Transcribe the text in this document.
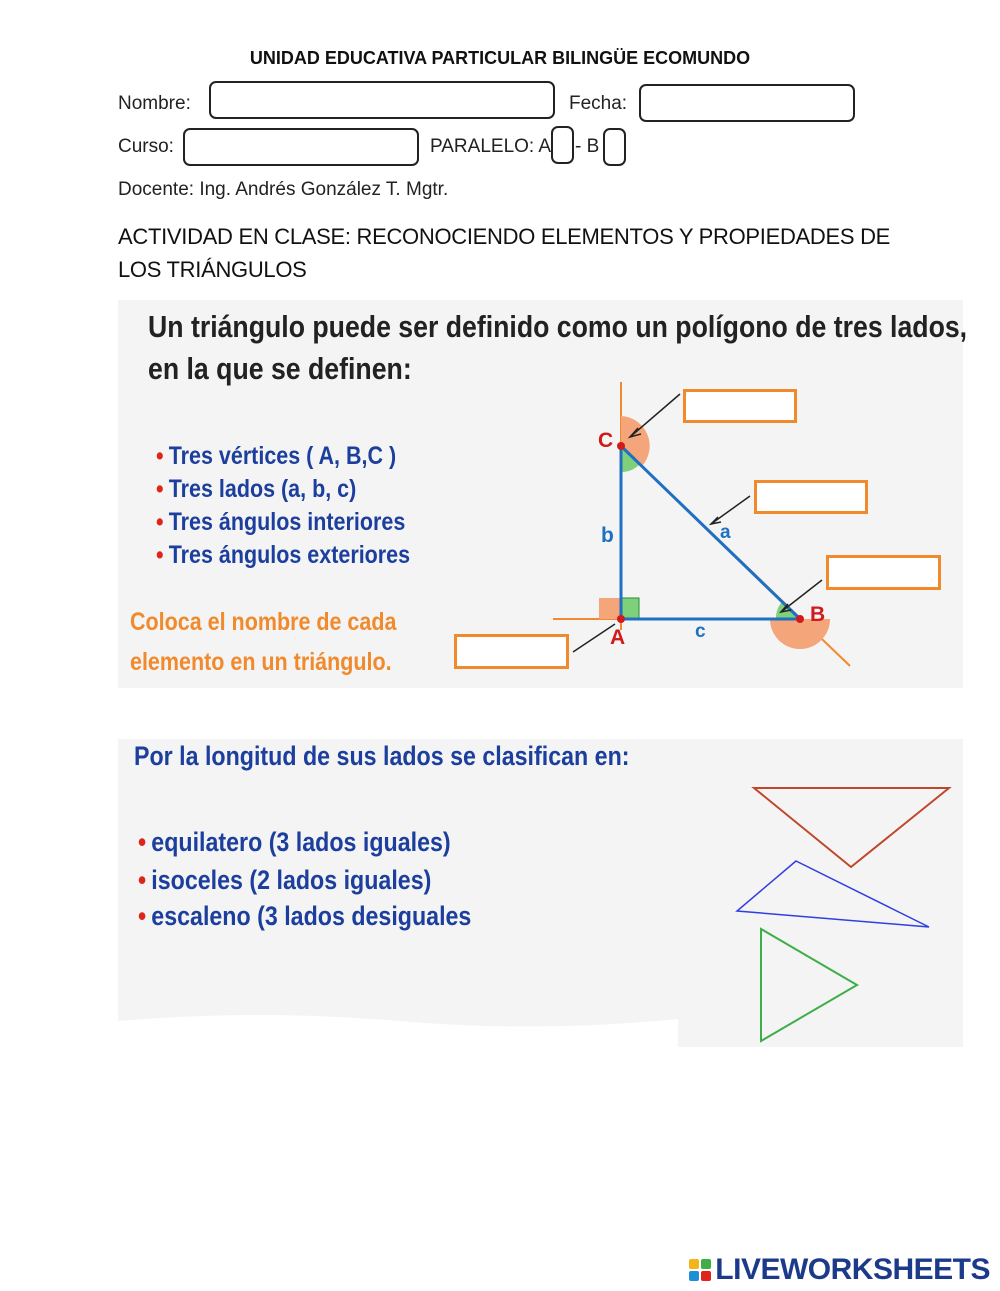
UNIDAD EDUCATIVA PARTICULAR BILINGÜE ECOMUNDO
Nombre:	Fecha:
Curso:	PARALELO: A - B
Docente: Ing. Andrés González T. Mgtr.
ACTIVIDAD EN CLASE: RECONOCIENDO ELEMENTOS Y PROPIEDADES DE
LOS TRIÁNGULOS
Un triángulo puede ser definido como un polígono de tres lados,
en la que se definen:
• Tres vértices ( A, B,C )
• Tres lados (a, b, c)
• Tres ángulos interiores
• Tres ángulos exteriores
Coloca el nombre de cada
elemento en un triángulo.
C
A
B
b	a
c
Por la longitud de sus lados se clasifican en:
• equilatero (3 lados iguales)
• isoceles (2 lados iguales)
• escaleno (3 lados desiguales
LIVEWORKSHEETS
